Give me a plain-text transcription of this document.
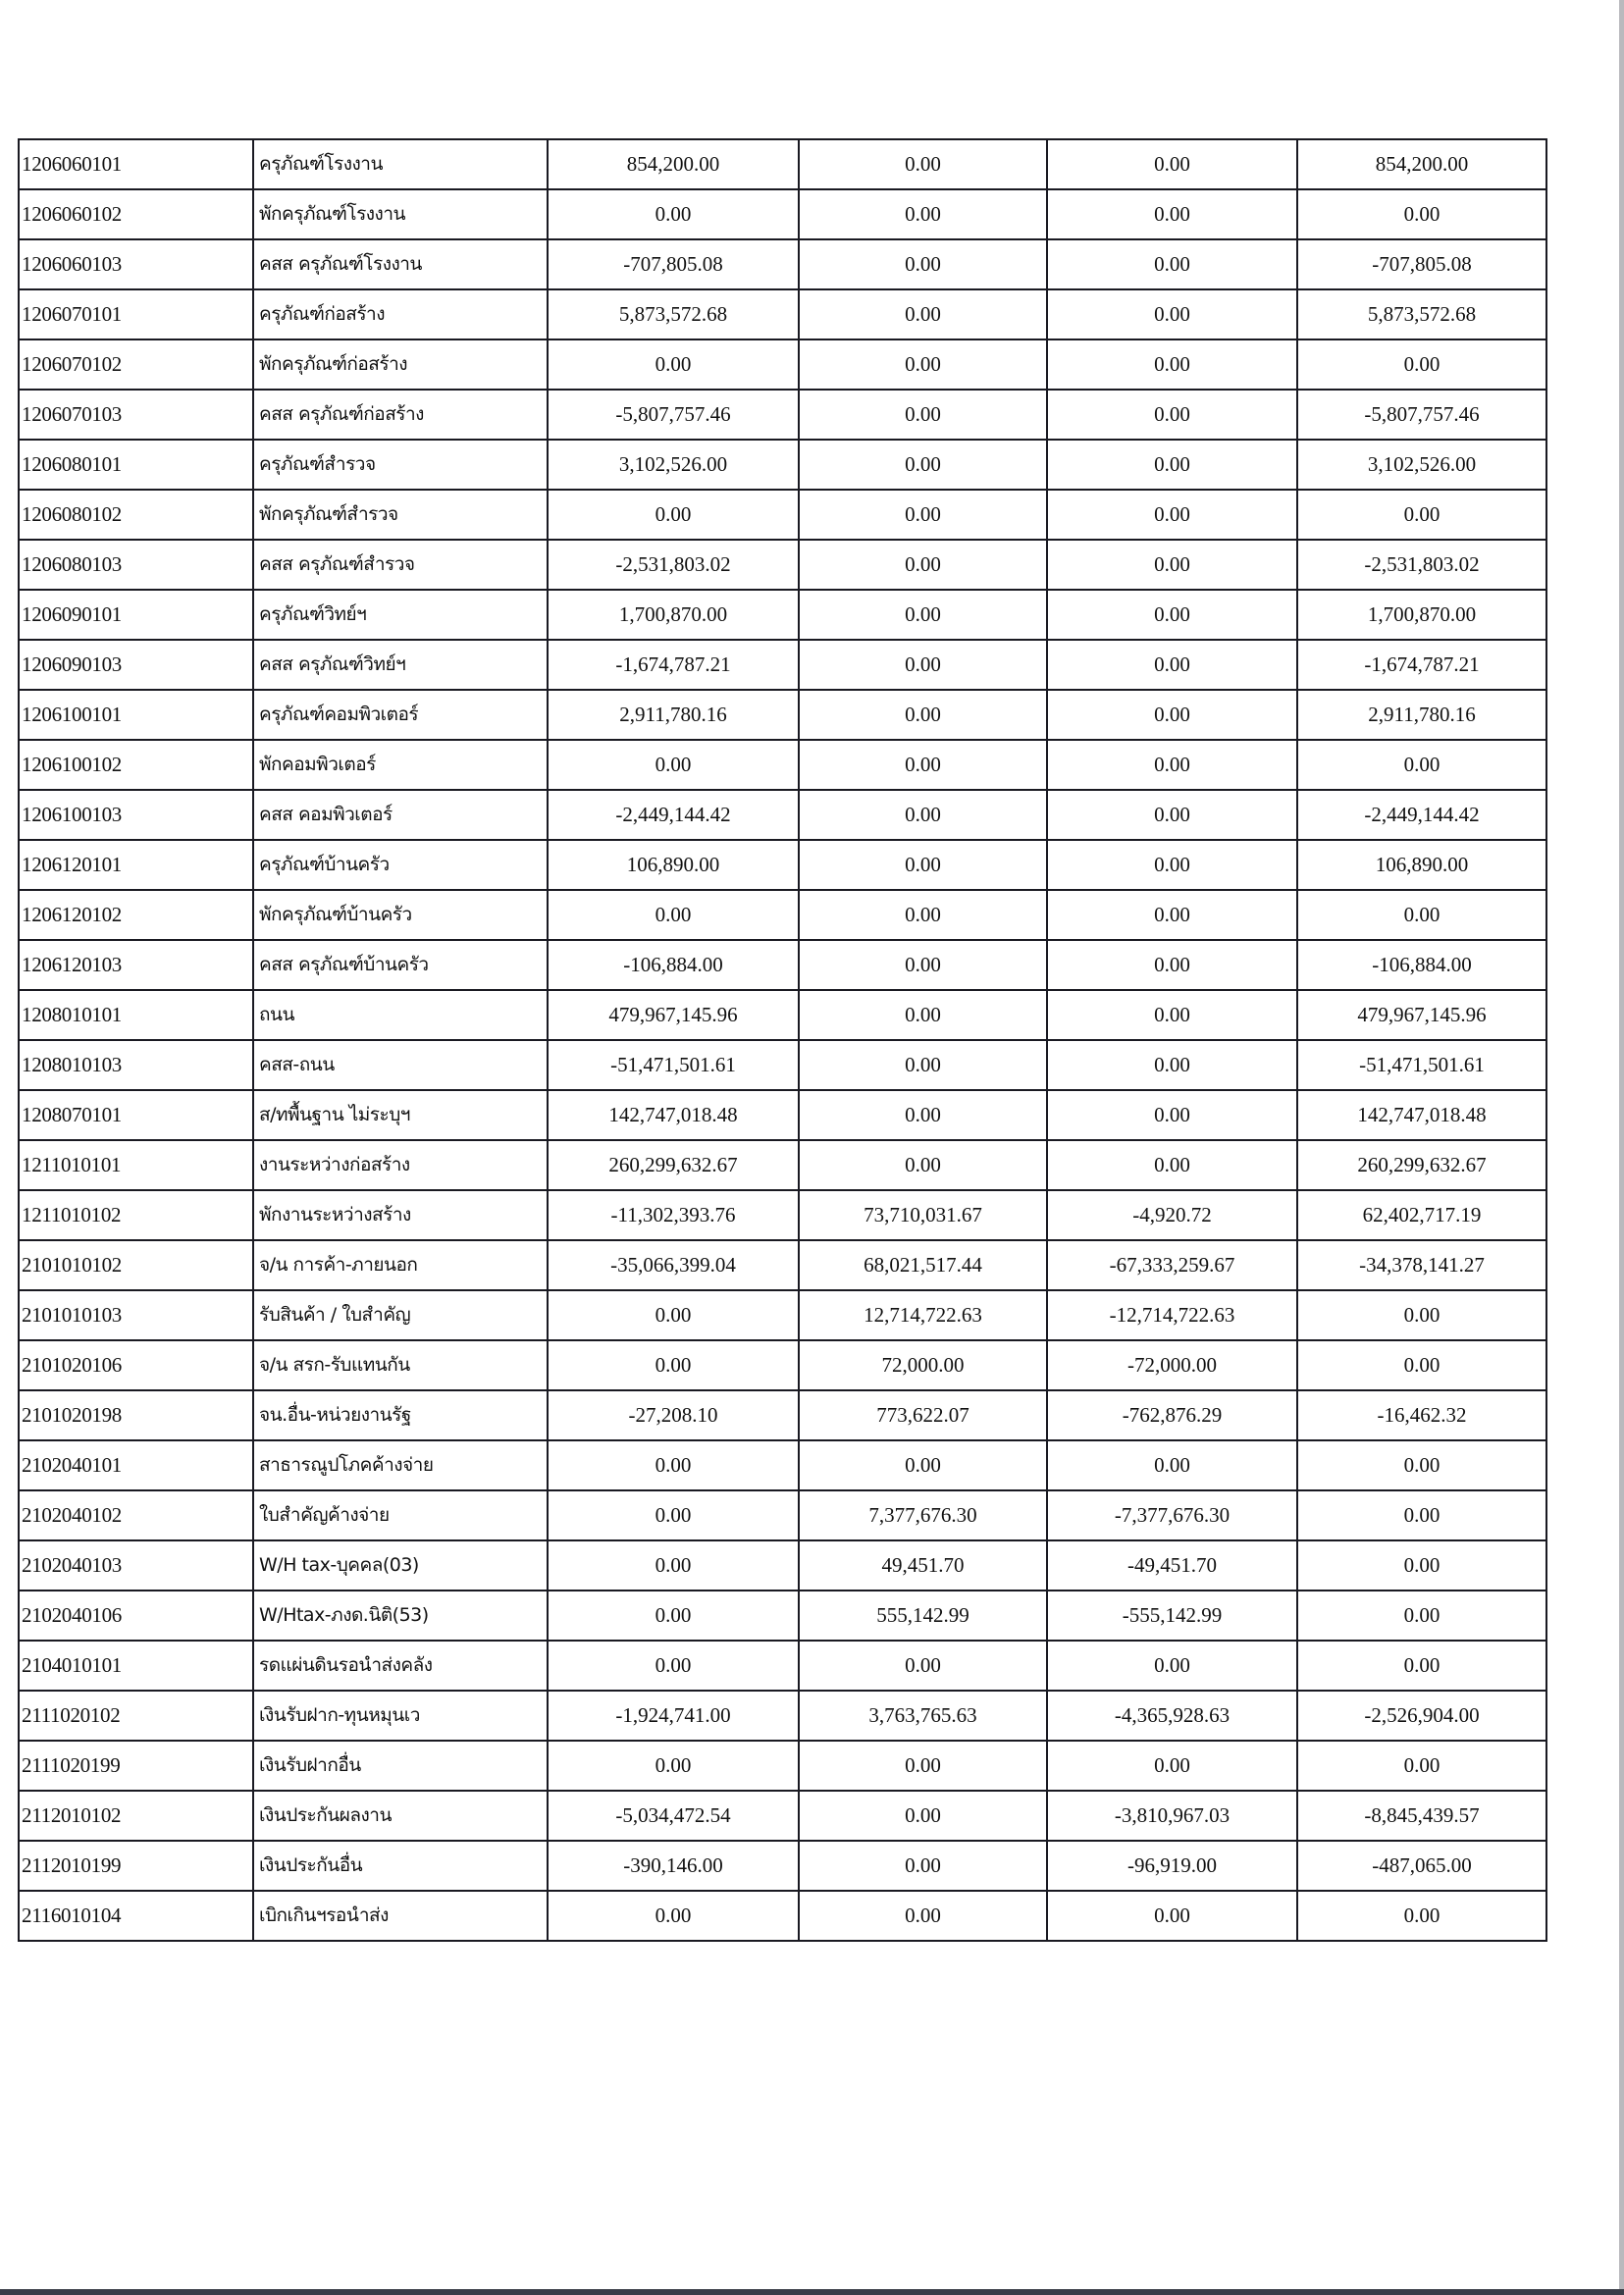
1206060101	ครุภัณฑ์โรงงาน	854,200.00	0.00	0.00	854,200.00
1206060102	พักครุภัณฑ์โรงงาน	0.00	0.00	0.00	0.00
1206060103	คสส ครุภัณฑ์โรงงาน	-707,805.08	0.00	0.00	-707,805.08
1206070101	ครุภัณฑ์ก่อสร้าง	5,873,572.68	0.00	0.00	5,873,572.68
1206070102	พักครุภัณฑ์ก่อสร้าง	0.00	0.00	0.00	0.00
1206070103	คสส ครุภัณฑ์ก่อสร้าง	-5,807,757.46	0.00	0.00	-5,807,757.46
1206080101	ครุภัณฑ์สำรวจ	3,102,526.00	0.00	0.00	3,102,526.00
1206080102	พักครุภัณฑ์สำรวจ	0.00	0.00	0.00	0.00
1206080103	คสส ครุภัณฑ์สำรวจ	-2,531,803.02	0.00	0.00	-2,531,803.02
1206090101	ครุภัณฑ์วิทย์ฯ	1,700,870.00	0.00	0.00	1,700,870.00
1206090103	คสส ครุภัณฑ์วิทย์ฯ	-1,674,787.21	0.00	0.00	-1,674,787.21
1206100101	ครุภัณฑ์คอมพิวเตอร์	2,911,780.16	0.00	0.00	2,911,780.16
1206100102	พักคอมพิวเตอร์	0.00	0.00	0.00	0.00
1206100103	คสส คอมพิวเตอร์	-2,449,144.42	0.00	0.00	-2,449,144.42
1206120101	ครุภัณฑ์บ้านครัว	106,890.00	0.00	0.00	106,890.00
1206120102	พักครุภัณฑ์บ้านครัว	0.00	0.00	0.00	0.00
1206120103	คสส ครุภัณฑ์บ้านครัว	-106,884.00	0.00	0.00	-106,884.00
1208010101	ถนน	479,967,145.96	0.00	0.00	479,967,145.96
1208010103	คสส-ถนน	-51,471,501.61	0.00	0.00	-51,471,501.61
1208070101	ส/ทพื้นฐาน ไม่ระบุฯ	142,747,018.48	0.00	0.00	142,747,018.48
1211010101	งานระหว่างก่อสร้าง	260,299,632.67	0.00	0.00	260,299,632.67
1211010102	พักงานระหว่างสร้าง	-11,302,393.76	73,710,031.67	-4,920.72	62,402,717.19
2101010102	จ/น การค้า-ภายนอก	-35,066,399.04	68,021,517.44	-67,333,259.67	-34,378,141.27
2101010103	รับสินค้า / ใบสำคัญ	0.00	12,714,722.63	-12,714,722.63	0.00
2101020106	จ/น สรก-รับแทนกัน	0.00	72,000.00	-72,000.00	0.00
2101020198	จน.อื่น-หน่วยงานรัฐ	-27,208.10	773,622.07	-762,876.29	-16,462.32
2102040101	สาธารณูปโภคค้างจ่าย	0.00	0.00	0.00	0.00
2102040102	ใบสำคัญค้างจ่าย	0.00	7,377,676.30	-7,377,676.30	0.00
2102040103	W/H tax-บุคคล(03)	0.00	49,451.70	-49,451.70	0.00
2102040106	W/Htax-ภงด.นิติ(53)	0.00	555,142.99	-555,142.99	0.00
2104010101	รดแผ่นดินรอนำส่งคลัง	0.00	0.00	0.00	0.00
2111020102	เงินรับฝาก-ทุนหมุนเว	-1,924,741.00	3,763,765.63	-4,365,928.63	-2,526,904.00
2111020199	เงินรับฝากอื่น	0.00	0.00	0.00	0.00
2112010102	เงินประกันผลงาน	-5,034,472.54	0.00	-3,810,967.03	-8,845,439.57
2112010199	เงินประกันอื่น	-390,146.00	0.00	-96,919.00	-487,065.00
2116010104	เบิกเกินฯรอนำส่ง	0.00	0.00	0.00	0.00
